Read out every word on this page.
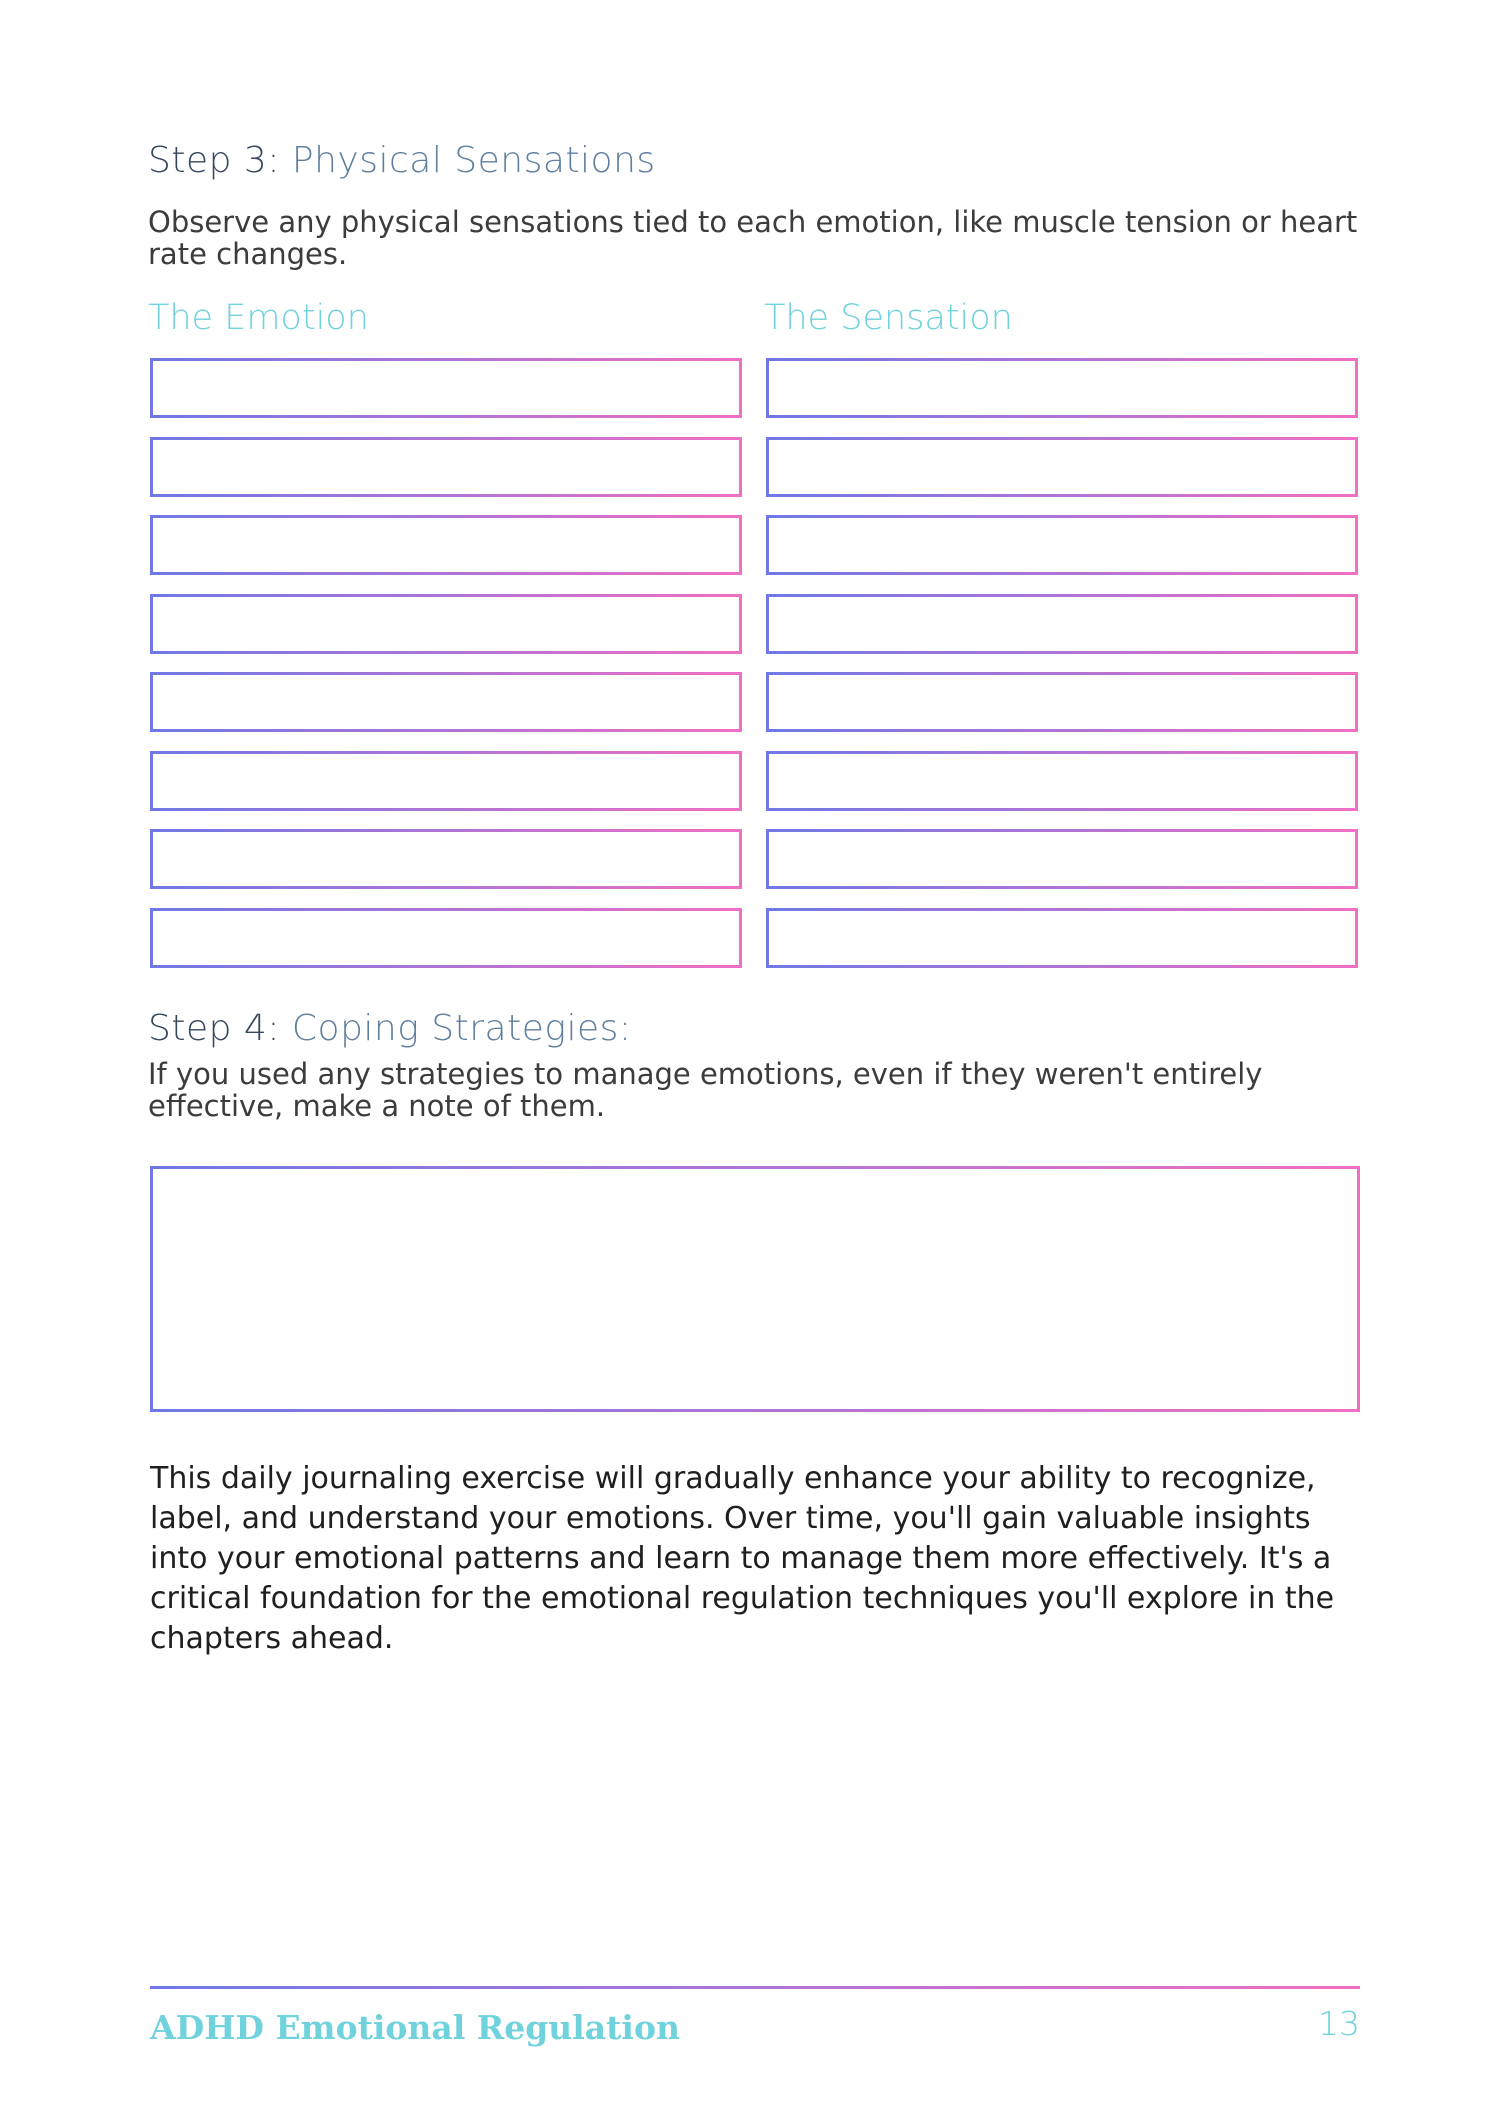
Step 3: Physical Sensations

Observe any physical sensations tied to each emotion, like muscle tension or heart rate changes.

The Emotion	The Sensation

Step 4: Coping Strategies:

If you used any strategies to manage emotions, even if they weren't entirely effective, make a note of them.

This daily journaling exercise will gradually enhance your ability to recognize, label, and understand your emotions. Over time, you'll gain valuable insights into your emotional patterns and learn to manage them more effectively. It's a critical foundation for the emotional regulation techniques you'll explore in the chapters ahead.

ADHD Emotional Regulation	13
